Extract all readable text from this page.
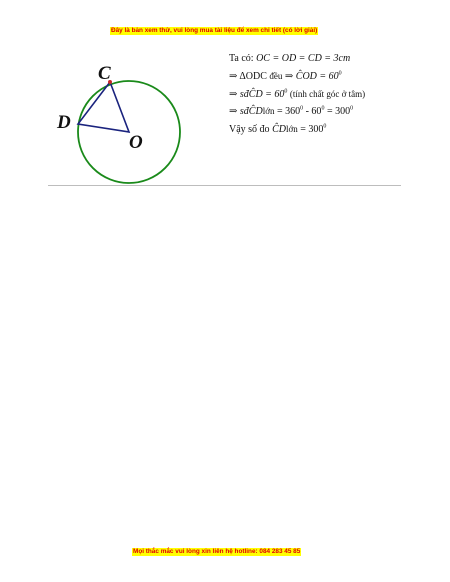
Đây là bản xem thử, vui lòng mua tài liệu để xem chi tiết (có lời giải)
C
D
O
Ta có: OC = OD = CD = 3cm
⇒ ΔODC đều ⇒ ĈOD = $60^0$
⇒ sđĈD = $60^0$ (tính chất góc ở tâm)
⇒ sđĈDlớn = $360^0 - 60^0 = 300^0$
Vậy số đo ĈDlớn = $300^0$
Mọi thắc mắc vui lòng xin liên hệ hotline: 084 283 45 85
